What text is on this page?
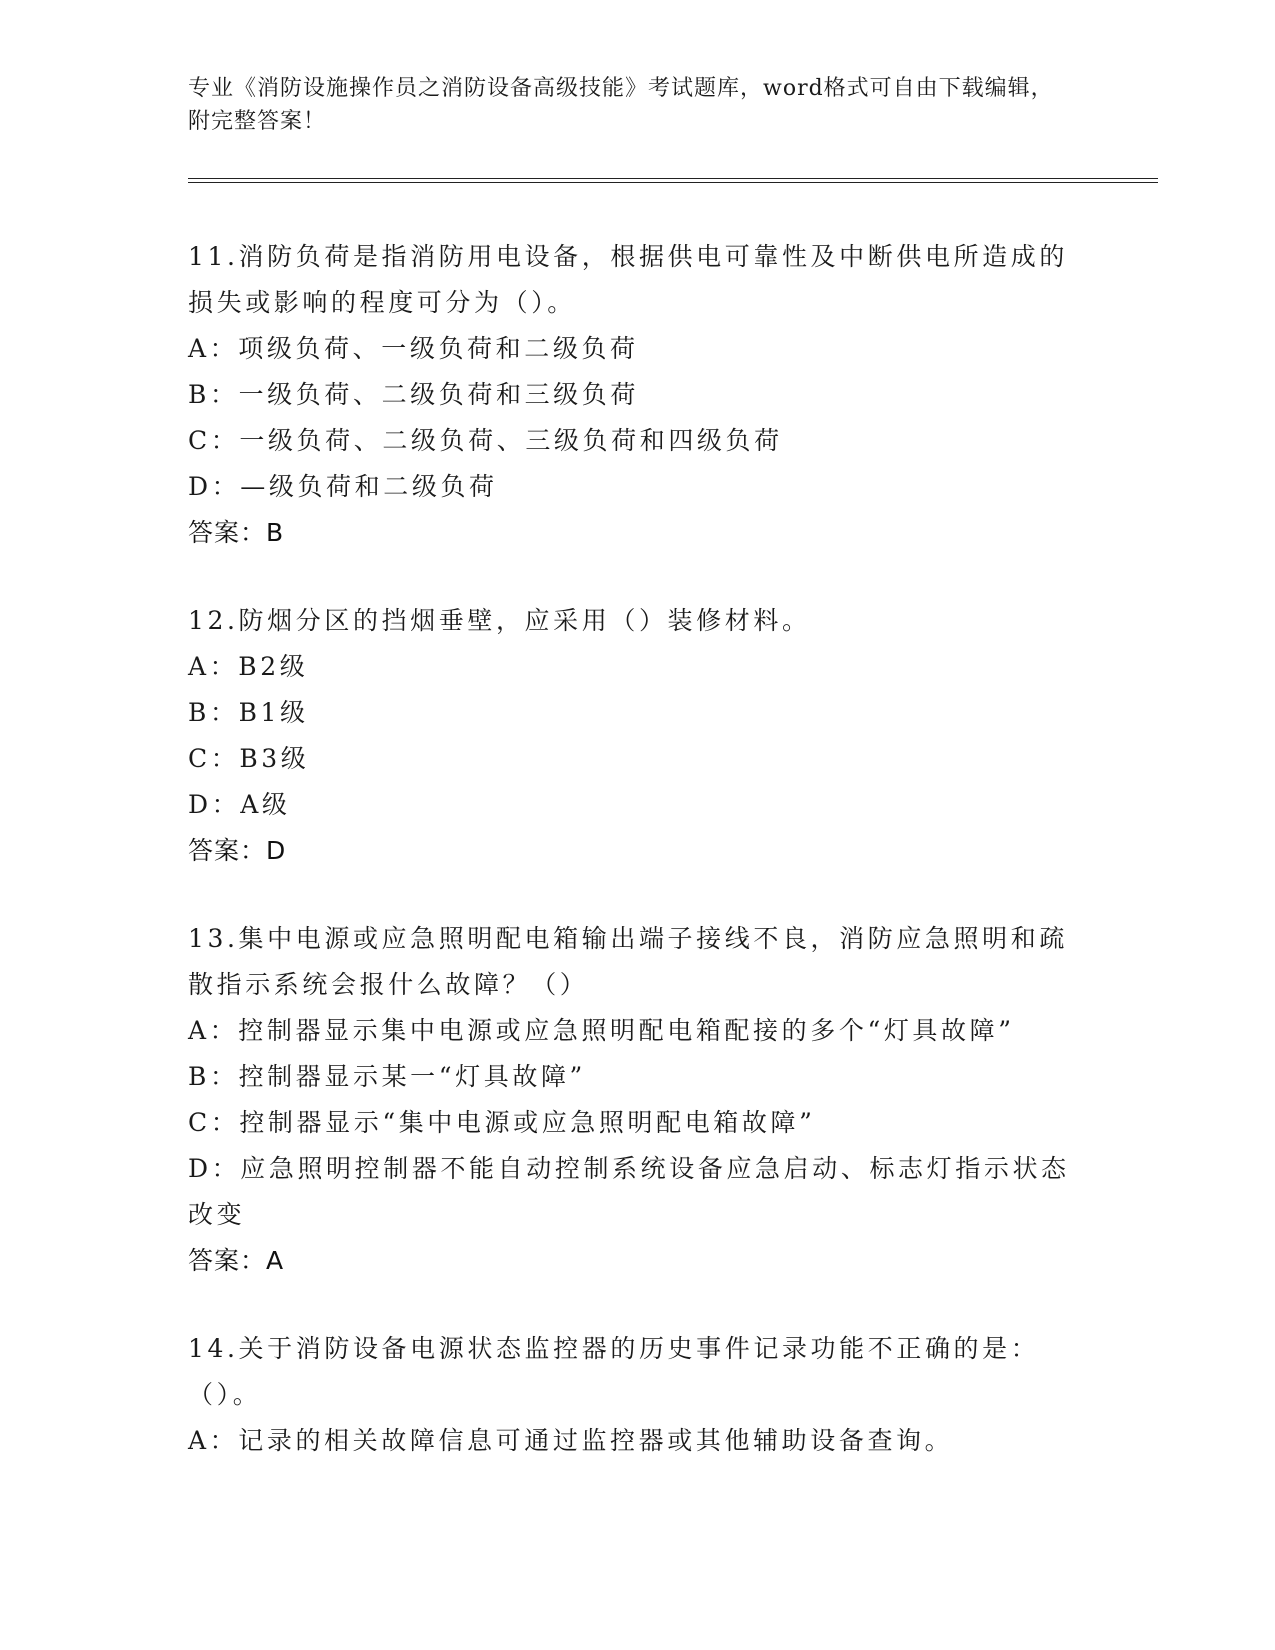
专业《消防设施操作员之消防设备高级技能》考试题库，word格式可自由下载编辑，附完整答案！

11.消防负荷是指消防用电设备，根据供电可靠性及中断供电所造成的损失或影响的程度可分为（）。

A：项级负荷、一级负荷和二级负荷

B：一级负荷、二级负荷和三级负荷

C：一级负荷、二级负荷、三级负荷和四级负荷

D：—级负荷和二级负荷

答案：B

12.防烟分区的挡烟垂壁，应采用（）装修材料。

A：B2级

B：B1级

C：B3级

D：A级

答案：D

13.集中电源或应急照明配电箱输出端子接线不良，消防应急照明和疏散指示系统会报什么故障？（）

A：控制器显示集中电源或应急照明配电箱配接的多个“灯具故障”

B：控制器显示某一“灯具故障”

C：控制器显示“集中电源或应急照明配电箱故障”

D：应急照明控制器不能自动控制系统设备应急启动、标志灯指示状态改变

答案：A

14.关于消防设备电源状态监控器的历史事件记录功能不正确的是：（）。

A：记录的相关故障信息可通过监控器或其他辅助设备查询。
